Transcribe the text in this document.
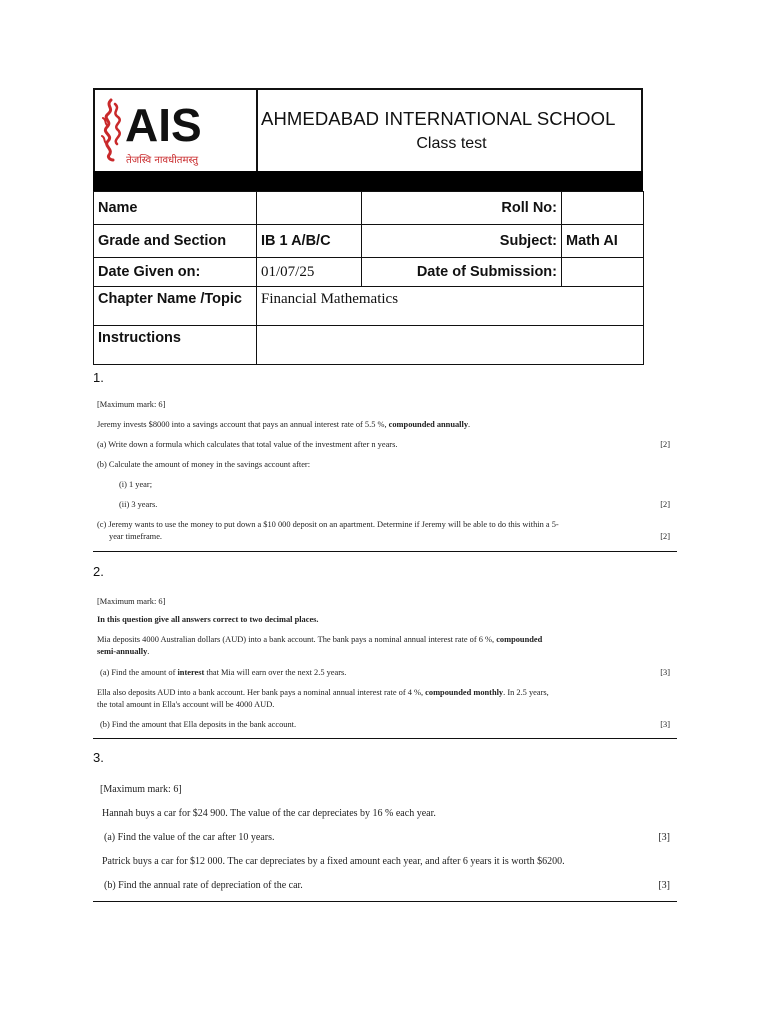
AIS
तेजस्वि नावधीतमस्तु
AHMEDABAD INTERNATIONAL SCHOOL
Class test
Name		Roll No:	
Grade and Section	IB 1 A/B/C	Subject:	Math AI
Date Given on:	01/07/25	Date of Submission:	
Chapter Name /Topic	Financial Mathematics		
Instructions			
1.
[Maximum mark: 6]
Jeremy invests $8000 into a savings account that pays an annual interest rate of 5.5 %, compounded annually.
(a) Write down a formula which calculates that total value of the investment after n years.	[2]
(b) Calculate the amount of money in the savings account after:
(i) 1 year;
(ii) 3 years.	[2]
(c) Jeremy wants to use the money to put down a $10 000 deposit on an apartment. Determine if Jeremy will be able to do this within a 5-
year timeframe.	[2]
2.
[Maximum mark: 6]
In this question give all answers correct to two decimal places.
Mia deposits 4000 Australian dollars (AUD) into a bank account. The bank pays a nominal annual interest rate of 6 %, compounded
semi-annually.
(a) Find the amount of interest that Mia will earn over the next 2.5 years.	[3]
Ella also deposits AUD into a bank account. Her bank pays a nominal annual interest rate of 4 %, compounded monthly. In 2.5 years,
the total amount in Ella's account will be 4000 AUD.
(b) Find the amount that Ella deposits in the bank account.	[3]
3.
[Maximum mark: 6]
Hannah buys a car for $24 900. The value of the car depreciates by 16 % each year.
(a) Find the value of the car after 10 years.	[3]
Patrick buys a car for $12 000. The car depreciates by a fixed amount each year, and after 6 years it is worth $6200.
(b) Find the annual rate of depreciation of the car.	[3]
